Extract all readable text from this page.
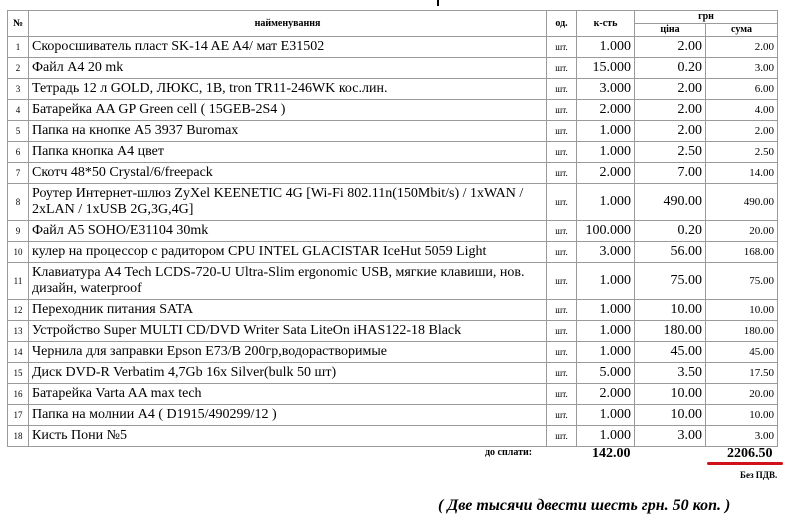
№	найменування	од.	к-сть	грн	
				ціна	сума
1	Скоросшиватель пласт SK-14 AE A4/ мат E31502	шт.	1.000	2.00	2.00
2	Файл А4 20 mk	шт.	15.000	0.20	3.00
3	Тетрадь 12 л GOLD, ЛЮКС, 1В, tron TR11-246WK кос.лин.	шт.	3.000	2.00	6.00
4	Батарейка AA GP Green cell ( 15GEB-2S4 )	шт.	2.000	2.00	4.00
5	Папка на кнопке А5 3937 Buromax	шт.	1.000	2.00	2.00
6	Папка кнопка А4 цвет	шт.	1.000	2.50	2.50
7	Скотч 48*50 Crystal/6/freepack	шт.	2.000	7.00	14.00
8	Роутер Интернет-шлюз ZyXel KEENETIC 4G [Wi-Fi 802.11n(150Mbit/s) / 1xWAN / 2xLAN / 1xUSB 2G,3G,4G]	шт.	1.000	490.00	490.00
9	Файл А5 SOHO/E31104 30mk	шт.	100.000	0.20	20.00
10	кулер на процессор с радитором CPU INTEL GLACISTAR IceHut 5059 Light	шт.	3.000	56.00	168.00
11	Клавиатура A4 Tech LCDS-720-U Ultra-Slim ergonomic USB, мягкие клавиши, нов. дизайн, waterproof	шт.	1.000	75.00	75.00
12	Переходник питания SATA	шт.	1.000	10.00	10.00
13	Устройство Super MULTI CD/DVD Writer Sata LiteOn iHAS122-18 Black	шт.	1.000	180.00	180.00
14	Чернила для заправки Epson E73/B 200гр,водорастворимые	шт.	1.000	45.00	45.00
15	Диск DVD-R Verbatim 4,7Gb 16x Silver(bulk 50 шт)	шт.	5.000	3.50	17.50
16	Батарейка Varta AA max tech	шт.	2.000	10.00	20.00
17	Папка на молнии А4 ( D1915/490299/12 )	шт.	1.000	10.00	10.00
18	Кисть Пони №5	шт.	1.000	3.00	3.00
до сплати:	142.00	2206.50
Без ПДВ.
( Две тысячи двести шесть грн. 50 коп. )
